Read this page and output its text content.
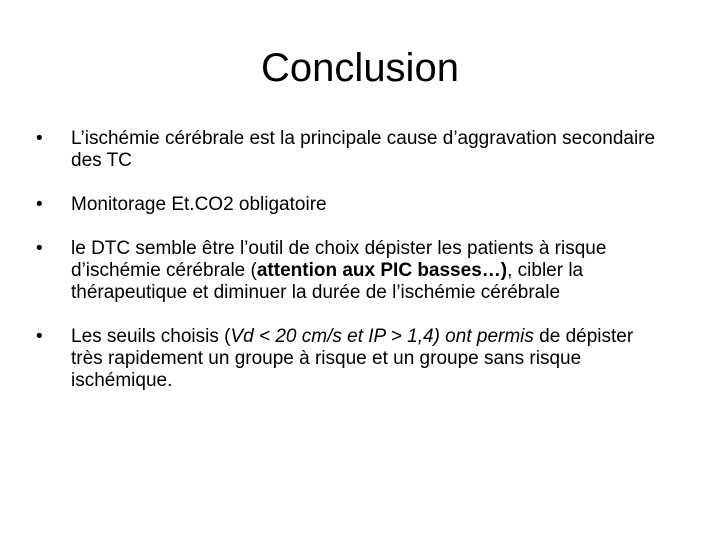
Conclusion
•	L’ischémie cérébrale est la principale cause d’aggravation secondaire des TC
•	Monitorage Et.CO2 obligatoire
•	le DTC semble être l’outil de choix dépister les patients à risque d’ischémie cérébrale (attention aux PIC basses…), cibler la thérapeutique et diminuer la durée de l’ischémie cérébrale
•	Les seuils choisis (Vd < 20 cm/s et IP > 1,4) ont permis de dépister très rapidement un groupe à risque et un groupe sans risque ischémique.
